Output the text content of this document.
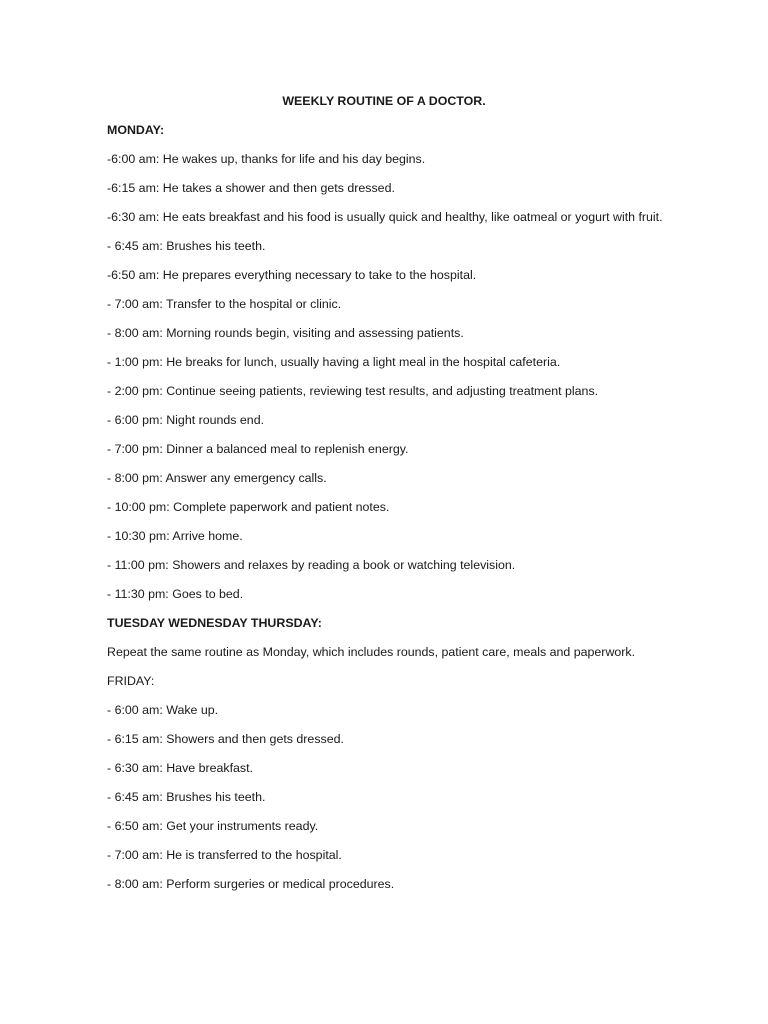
WEEKLY ROUTINE OF A DOCTOR.

MONDAY:

-6:00 am: He wakes up, thanks for life and his day begins.

-6:15 am: He takes a shower and then gets dressed.

-6:30 am: He eats breakfast and his food is usually quick and healthy, like oatmeal or yogurt with fruit.

- 6:45 am: Brushes his teeth.

-6:50 am: He prepares everything necessary to take to the hospital.

- 7:00 am: Transfer to the hospital or clinic.

- 8:00 am: Morning rounds begin, visiting and assessing patients.

- 1:00 pm: He breaks for lunch, usually having a light meal in the hospital cafeteria.

- 2:00 pm: Continue seeing patients, reviewing test results, and adjusting treatment plans.

- 6:00 pm: Night rounds end.

- 7:00 pm: Dinner a balanced meal to replenish energy.

- 8:00 pm: Answer any emergency calls.

- 10:00 pm: Complete paperwork and patient notes.

- 10:30 pm: Arrive home.

- 11:00 pm: Showers and relaxes by reading a book or watching television.

- 11:30 pm: Goes to bed.

TUESDAY WEDNESDAY THURSDAY:

Repeat the same routine as Monday, which includes rounds, patient care, meals and paperwork.

FRIDAY:

- 6:00 am: Wake up.

- 6:15 am: Showers and then gets dressed.

- 6:30 am: Have breakfast.

- 6:45 am: Brushes his teeth.

- 6:50 am: Get your instruments ready.

- 7:00 am: He is transferred to the hospital.

- 8:00 am: Perform surgeries or medical procedures.
